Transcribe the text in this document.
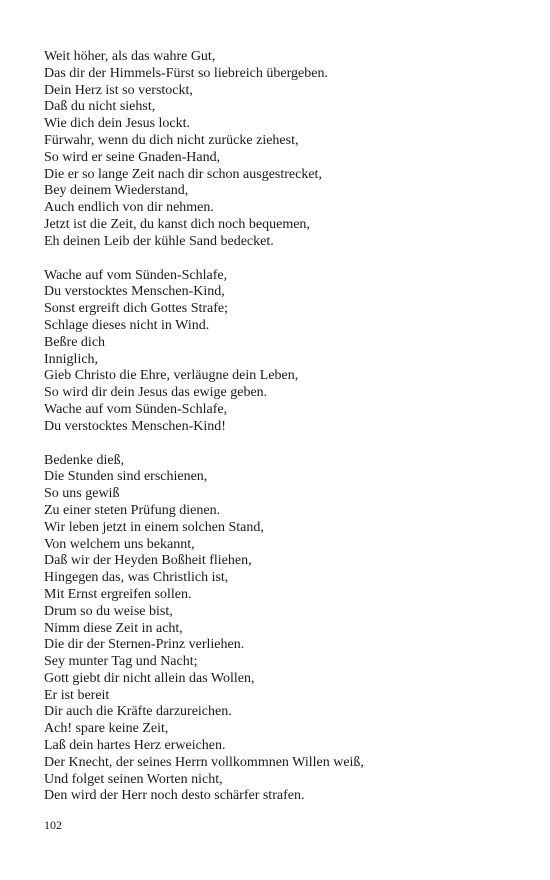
Weit höher, als das wahre Gut,
Das dir der Himmels-Fürst so liebreich übergeben.
Dein Herz ist so verstockt,
Daß du nicht siehst,
Wie dich dein Jesus lockt.
Fürwahr, wenn du dich nicht zurücke ziehest,
So wird er seine Gnaden-Hand,
Die er so lange Zeit nach dir schon ausgestrecket,
Bey deinem Wiederstand,
Auch endlich von dir nehmen.
Jetzt ist die Zeit, du kanst dich noch bequemen,
Eh deinen Leib der kühle Sand bedecket.
Wache auf vom Sünden-Schlafe,
Du verstocktes Menschen-Kind,
Sonst ergreift dich Gottes Strafe;
Schlage dieses nicht in Wind.
Beßre dich
Inniglich,
Gieb Christo die Ehre, verläugne dein Leben,
So wird dir dein Jesus das ewige geben.
Wache auf vom Sünden-Schlafe,
Du verstocktes Menschen-Kind!
Bedenke dieß,
Die Stunden sind erschienen,
So uns gewiß
Zu einer steten Prüfung dienen.
Wir leben jetzt in einem solchen Stand,
Von welchem uns bekannt,
Daß wir der Heyden Boßheit fliehen,
Hingegen das, was Christlich ist,
Mit Ernst ergreifen sollen.
Drum so du weise bist,
Nimm diese Zeit in acht,
Die dir der Sternen-Prinz verliehen.
Sey munter Tag und Nacht;
Gott giebt dir nicht allein das Wollen,
Er ist bereit
Dir auch die Kräfte darzureichen.
Ach! spare keine Zeit,
Laß dein hartes Herz erweichen.
Der Knecht, der seines Herrn vollkommnen Willen weiß,
Und folget seinen Worten nicht,
Den wird der Herr noch desto schärfer strafen.
102
